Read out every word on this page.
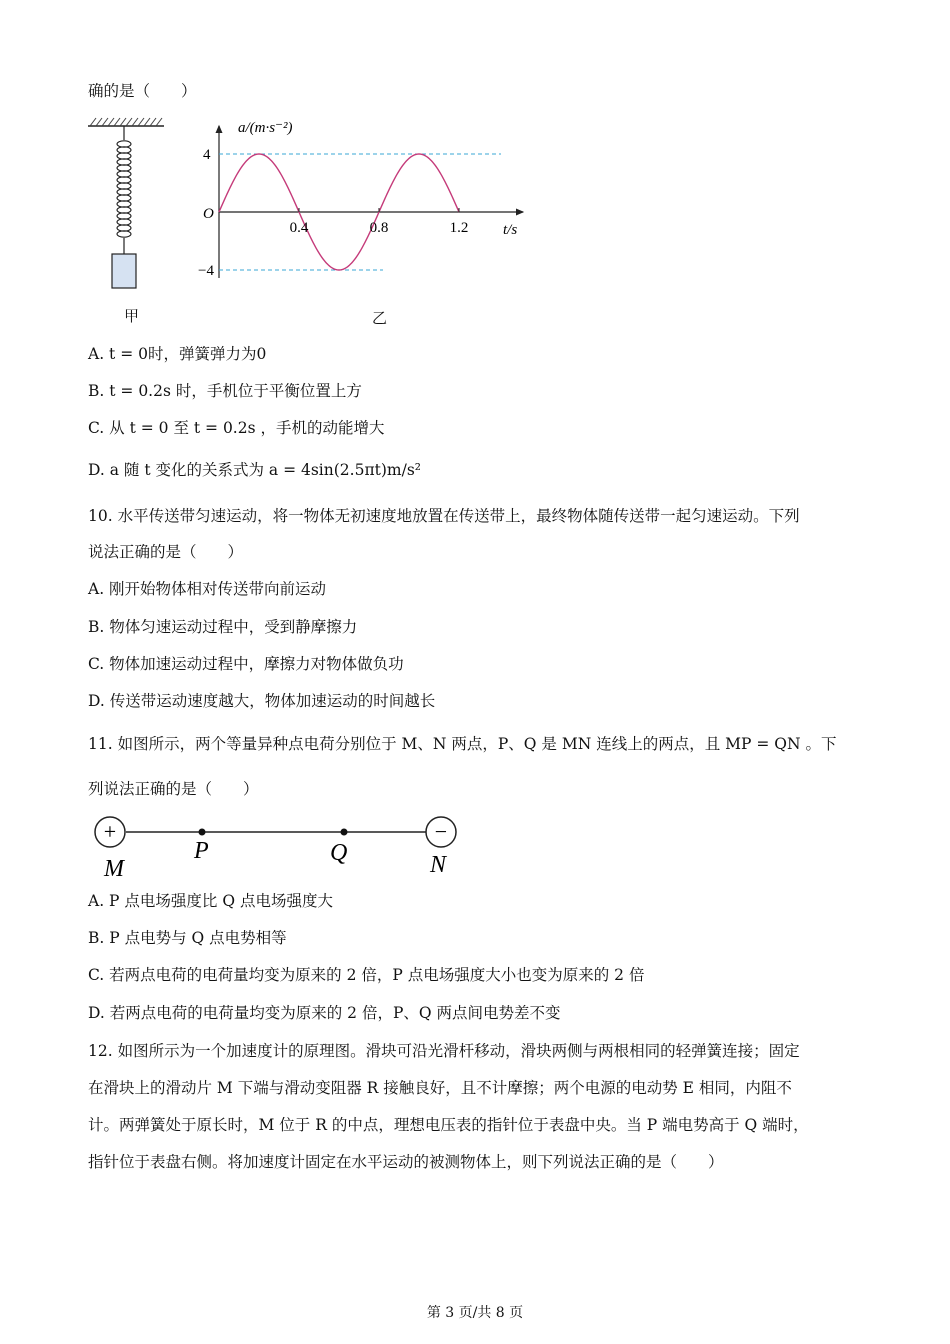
确的是（　　）
甲
0.4	0.8	1.2
a/(m·s⁻²)
O
4
−4
t/s
乙
A. t = 0时，弹簧弹力为0
B. t = 0.2s 时，手机位于平衡位置上方
C. 从 t = 0 至 t = 0.2s ，手机的动能增大
D. a 随 t 变化的关系式为 a = 4sin(2.5πt)m/s²
10. 水平传送带匀速运动，将一物体无初速度地放置在传送带上，最终物体随传送带一起匀速运动。下列
说法正确的是（　　）
A. 刚开始物体相对传送带向前运动
B. 物体匀速运动过程中，受到静摩擦力
C. 物体加速运动过程中，摩擦力对物体做负功
D. 传送带运动速度越大，物体加速运动的时间越长
11. 如图所示，两个等量异种点电荷分别位于 M、N 两点，P、Q 是 MN 连线上的两点，且 MP = QN 。下
列说法正确的是（　　）
+	−
M
P	Q	N
A. P 点电场强度比 Q 点电场强度大
B. P 点电势与 Q 点电势相等
C. 若两点电荷的电荷量均变为原来的 2 倍，P 点电场强度大小也变为原来的 2 倍
D. 若两点电荷的电荷量均变为原来的 2 倍，P、Q 两点间电势差不变
12. 如图所示为一个加速度计的原理图。滑块可沿光滑杆移动，滑块两侧与两根相同的轻弹簧连接；固定
在滑块上的滑动片 M 下端与滑动变阻器 R 接触良好，且不计摩擦；两个电源的电动势 E 相同，内阻不
计。两弹簧处于原长时，M 位于 R 的中点，理想电压表的指针位于表盘中央。当 P 端电势高于 Q 端时，
指针位于表盘右侧。将加速度计固定在水平运动的被测物体上，则下列说法正确的是（　　）
第 3 页/共 8 页
